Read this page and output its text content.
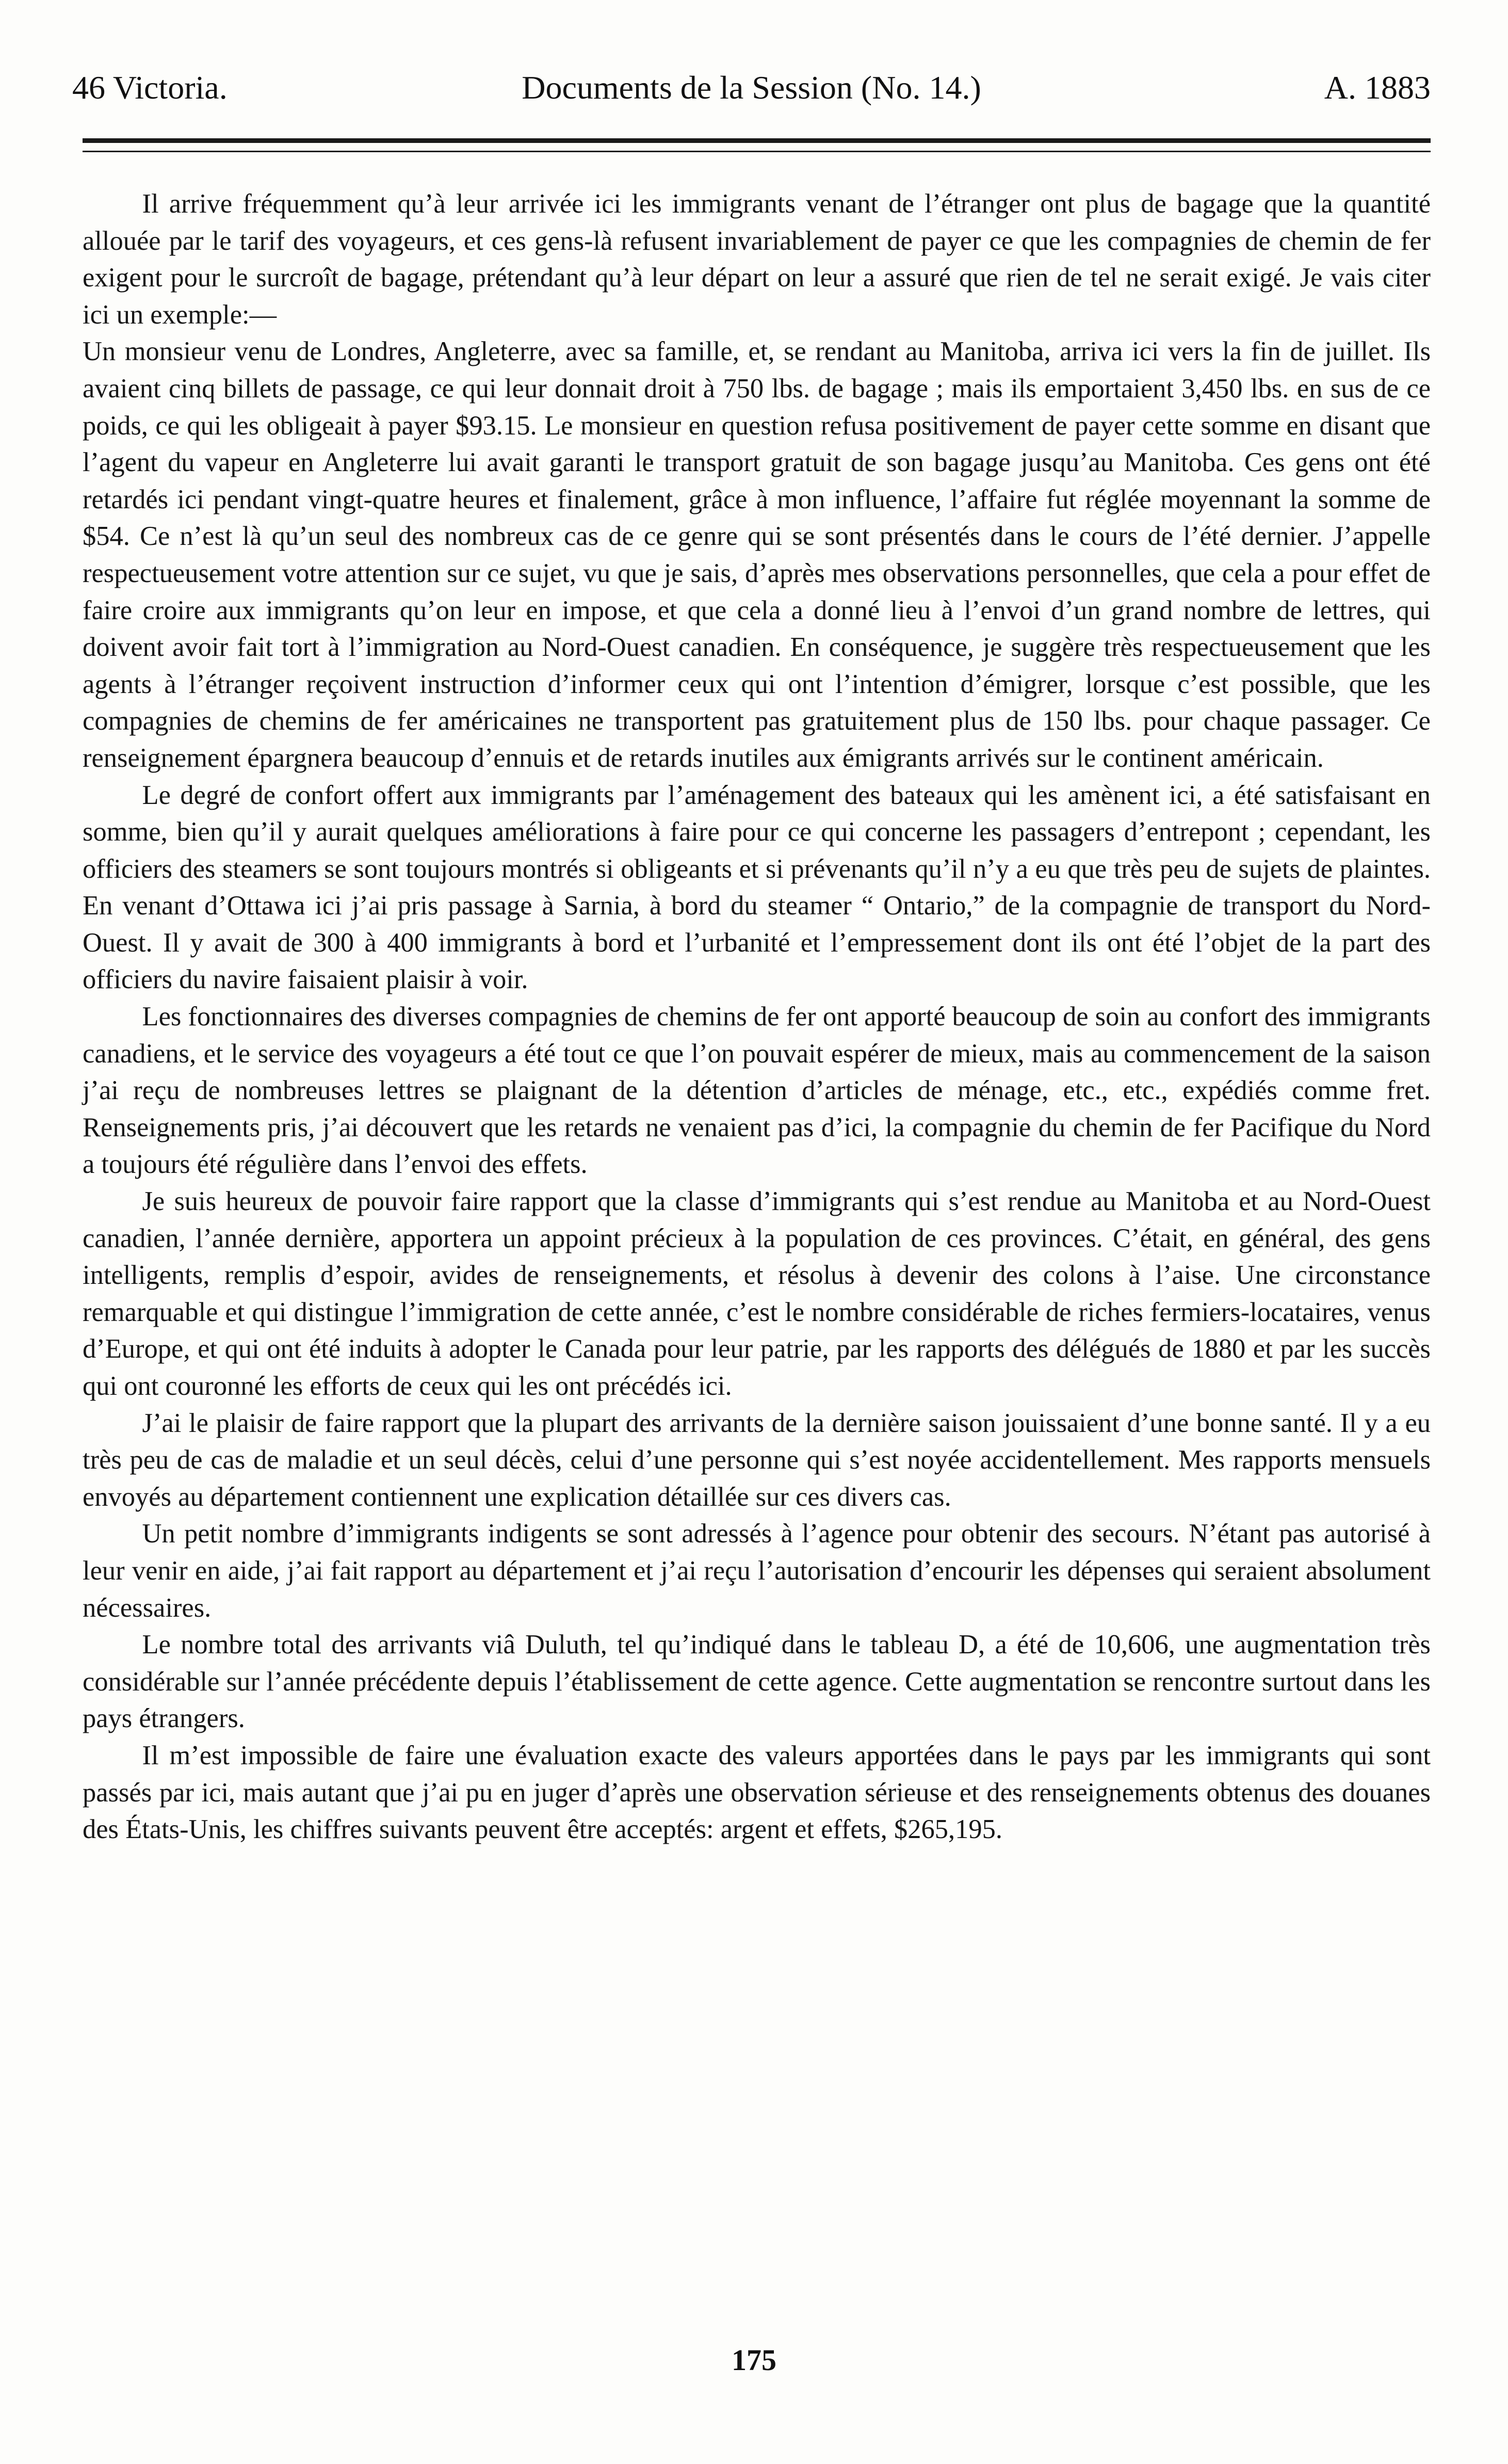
46 Victoria.	Documents de la Session (No. 14.)	A. 1883

Il arrive fréquemment qu’à leur arrivée ici les immigrants venant de l’étranger ont plus de bagage que la quantité allouée par le tarif des voyageurs, et ces gens-là refusent invariablement de payer ce que les compagnies de chemin de fer exigent pour le surcroît de bagage, prétendant qu’à leur départ on leur a assuré que rien de tel ne serait exigé. Je vais citer ici un exemple:—

Un monsieur venu de Londres, Angleterre, avec sa famille, et, se rendant au Manitoba, arriva ici vers la fin de juillet. Ils avaient cinq billets de passage, ce qui leur donnait droit à 750 lbs. de bagage ; mais ils emportaient 3,450 lbs. en sus de ce poids, ce qui les obligeait à payer $93.15. Le monsieur en question refusa positivement de payer cette somme en disant que l’agent du vapeur en Angleterre lui avait garanti le transport gratuit de son bagage jusqu’au Manitoba. Ces gens ont été retardés ici pendant vingt-quatre heures et finalement, grâce à mon influence, l’affaire fut réglée moyennant la somme de $54. Ce n’est là qu’un seul des nombreux cas de ce genre qui se sont présentés dans le cours de l’été dernier. J’appelle respectueusement votre attention sur ce sujet, vu que je sais, d’après mes observations personnelles, que cela a pour effet de faire croire aux immigrants qu’on leur en impose, et que cela a donné lieu à l’envoi d’un grand nombre de lettres, qui doivent avoir fait tort à l’immigration au Nord-Ouest canadien. En conséquence, je suggère très respectueusement que les agents à l’étranger reçoivent instruction d’informer ceux qui ont l’intention d’émigrer, lorsque c’est possible, que les compagnies de chemins de fer américaines ne transportent pas gratuitement plus de 150 lbs. pour chaque passager. Ce renseignement épargnera beaucoup d’ennuis et de retards inutiles aux émigrants arrivés sur le continent américain.

Le degré de confort offert aux immigrants par l’aménagement des bateaux qui les amènent ici, a été satisfaisant en somme, bien qu’il y aurait quelques améliorations à faire pour ce qui concerne les passagers d’entrepont ; cependant, les officiers des steamers se sont toujours montrés si obligeants et si prévenants qu’il n’y a eu que très peu de sujets de plaintes. En venant d’Ottawa ici j’ai pris passage à Sarnia, à bord du steamer “ Ontario,” de la compagnie de transport du Nord-Ouest. Il y avait de 300 à 400 immigrants à bord et l’urbanité et l’empressement dont ils ont été l’objet de la part des officiers du navire faisaient plaisir à voir.

Les fonctionnaires des diverses compagnies de chemins de fer ont apporté beaucoup de soin au confort des immigrants canadiens, et le service des voyageurs a été tout ce que l’on pouvait espérer de mieux, mais au commencement de la saison j’ai reçu de nombreuses lettres se plaignant de la détention d’articles de ménage, etc., etc., expédiés comme fret. Renseignements pris, j’ai découvert que les retards ne venaient pas d’ici, la compagnie du chemin de fer Pacifique du Nord a toujours été régulière dans l’envoi des effets.

Je suis heureux de pouvoir faire rapport que la classe d’immigrants qui s’est rendue au Manitoba et au Nord-Ouest canadien, l’année dernière, apportera un appoint précieux à la population de ces provinces. C’était, en général, des gens intelligents, remplis d’espoir, avides de renseignements, et résolus à devenir des colons à l’aise. Une circonstance remarquable et qui distingue l’immigration de cette année, c’est le nombre considérable de riches fermiers-locataires, venus d’Europe, et qui ont été induits à adopter le Canada pour leur patrie, par les rapports des délégués de 1880 et par les succès qui ont couronné les efforts de ceux qui les ont précédés ici.

J’ai le plaisir de faire rapport que la plupart des arrivants de la dernière saison jouissaient d’une bonne santé. Il y a eu très peu de cas de maladie et un seul décès, celui d’une personne qui s’est noyée accidentellement. Mes rapports mensuels envoyés au département contiennent une explication détaillée sur ces divers cas.

Un petit nombre d’immigrants indigents se sont adressés à l’agence pour obtenir des secours. N’étant pas autorisé à leur venir en aide, j’ai fait rapport au département et j’ai reçu l’autorisation d’encourir les dépenses qui seraient absolument nécessaires.

Le nombre total des arrivants viâ Duluth, tel qu’indiqué dans le tableau D, a été de 10,606, une augmentation très considérable sur l’année précédente depuis l’établissement de cette agence. Cette augmentation se rencontre surtout dans les pays étrangers.

Il m’est impossible de faire une évaluation exacte des valeurs apportées dans le pays par les immigrants qui sont passés par ici, mais autant que j’ai pu en juger d’après une observation sérieuse et des renseignements obtenus des douanes des États-Unis, les chiffres suivants peuvent être acceptés: argent et effets, $265,195.

175
